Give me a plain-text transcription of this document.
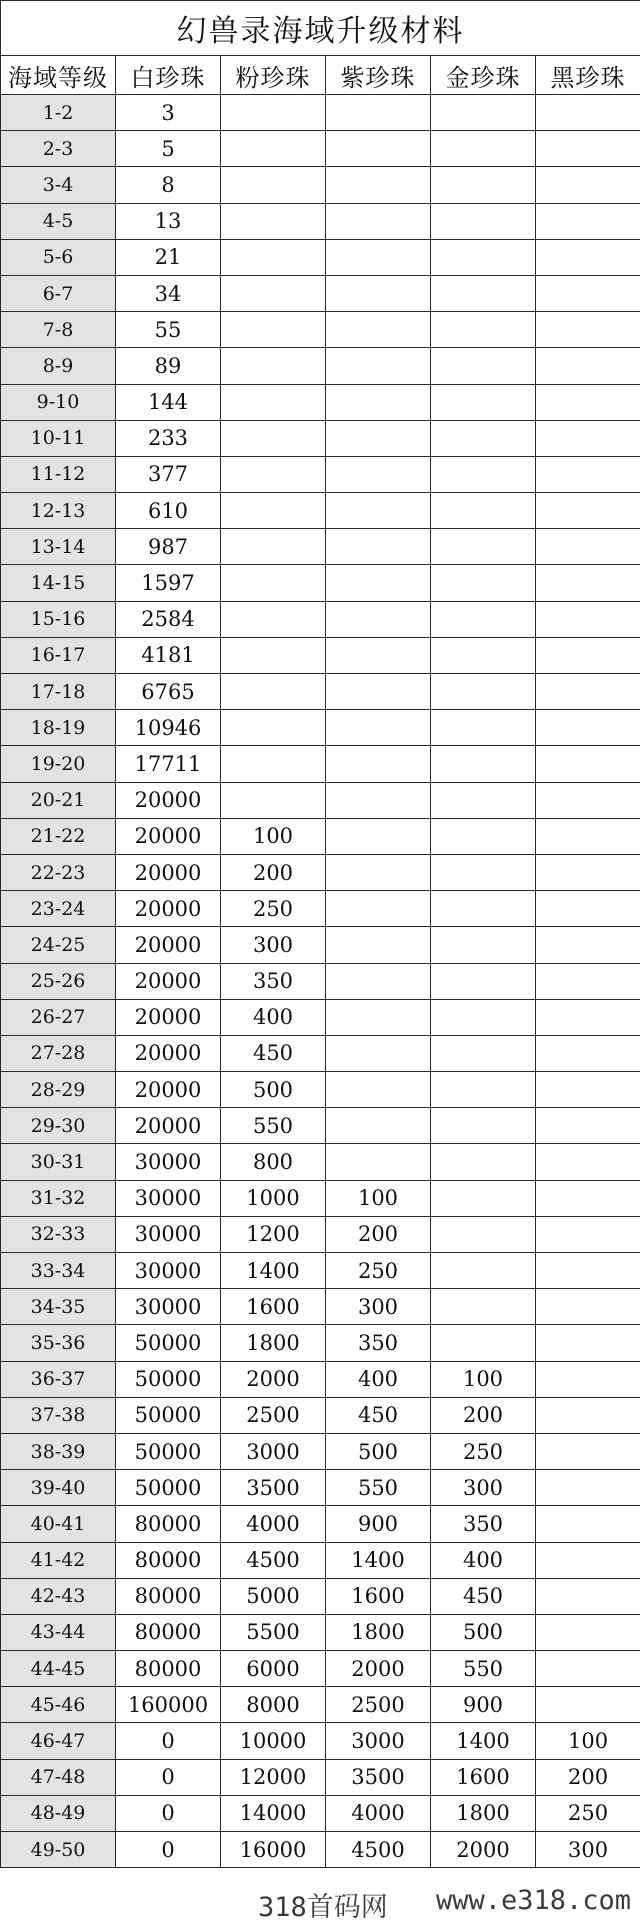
幻兽录海域升级材料					
海域等级	白珍珠	粉珍珠	紫珍珠	金珍珠	黑珍珠
1-2	3				
2-3	5				
3-4	8				
4-5	13				
5-6	21				
6-7	34				
7-8	55				
8-9	89				
9-10	144				
10-11	233				
11-12	377				
12-13	610				
13-14	987				
14-15	1597				
15-16	2584				
16-17	4181				
17-18	6765				
18-19	10946				
19-20	17711				
20-21	20000				
21-22	20000	100			
22-23	20000	200			
23-24	20000	250			
24-25	20000	300			
25-26	20000	350			
26-27	20000	400			
27-28	20000	450			
28-29	20000	500			
29-30	20000	550			
30-31	30000	800			
31-32	30000	1000	100		
32-33	30000	1200	200		
33-34	30000	1400	250		
34-35	30000	1600	300		
35-36	50000	1800	350		
36-37	50000	2000	400	100	
37-38	50000	2500	450	200	
38-39	50000	3000	500	250	
39-40	50000	3500	550	300	
40-41	80000	4000	900	350	
41-42	80000	4500	1400	400	
42-43	80000	5000	1600	450	
43-44	80000	5500	1800	500	
44-45	80000	6000	2000	550	
45-46	160000	8000	2500	900	
46-47	0	10000	3000	1400	100
47-48	0	12000	3500	1600	200
48-49	0	14000	4000	1800	250
49-50	0	16000	4500	2000	300
318首码网 www.e318.com
